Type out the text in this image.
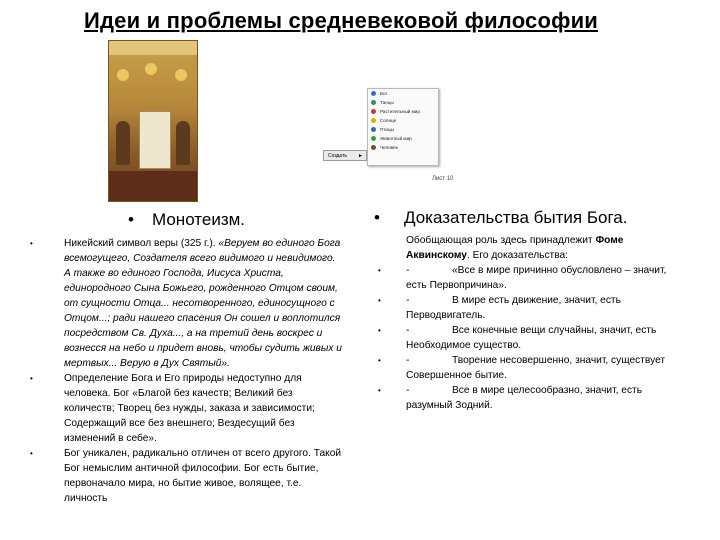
Идеи и проблемы средневековой философии
Бог
Танцы
Растительный мир
Солнце
Птицы
Животный мир
Человек
Создать ►
Лист 10
• Монотеизм.
•	Никейский символ веры (325 г.). «Веруем во единого Бога всемогущего, Создателя всего видимого и невидимого. А также во единого Господа, Иисуса Христа, единородного Сына Божьего, рожденного Отцом своим, от сущности Отца... несотворенного, единосущного с Отцом...; ради нашего спасения Он сошел и воплотился посредством Св. Духа..., а на третий день воскрес и вознесся на небо и придет вновь, чтобы судить живых и мертвых... Верую в Дух Святый».
•	Определение Бога и Его природы недоступно для человека. Бог «Благой без качеств; Великий без количеств; Творец без нужды, заказа и зависимости; Содержащий все без внешнего; Вездесущий без изменений в себе».
•	Бог уникален, радикально отличен от всего другого. Такой Бог немыслим античной философии. Бог есть бытие, первоначало мира, но бытие живое, волящее, т.е. личность
• Доказательства бытия Бога.
Обобщающая роль здесь принадлежит Фоме Аквинскому. Его доказательства:
• -	«Все в мире причинно обусловлено – значит, есть Первопричина».
• -	В мире есть движение, значит, есть Перводвигатель.
• -	Все конечные вещи случайны, значит, есть Необходимое существо.
• -	Творение несовершенно, значит, существует Совершенное бытие.
• -	Все в мире целесообразно, значит, есть разумный Зодний.
